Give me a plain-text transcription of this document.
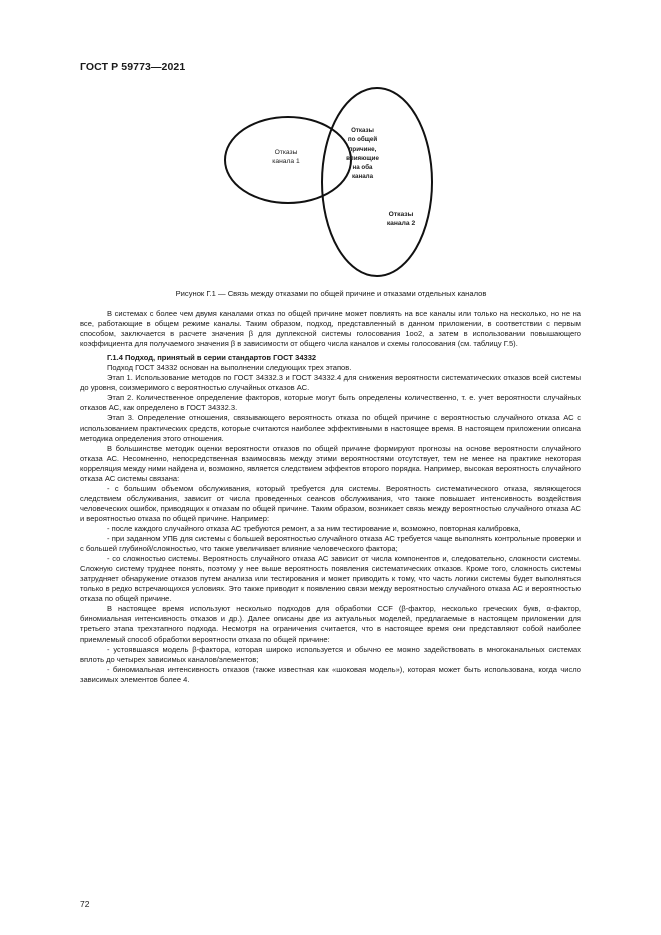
ГОСТ Р 59773—2021
Отказы
канала 1
Отказы
по общей
причине,
влияющие
на оба
канала
Отказы
канала 2
Рисунок Г.1 — Связь между отказами по общей причине и отказами отдельных каналов

В системах с более чем двумя каналами отказ по общей причине может повлиять на все каналы или только на несколько, но не на все, работающие в общем режиме каналы. Таким образом, подход, представленный в данном приложении, в соответствии с первым способом, заключается в расчете значения β для дуплексной системы голосования 1oo2, а затем в использовании повышающего коэффициента для получаемого значения β в зависимости от общего числа каналов и схемы голосования (см. таблицу Г.5).

Г.1.4 Подход, принятый в серии стандартов ГОСТ 34332

Подход ГОСТ 34332 основан на выполнении следующих трех этапов.

Этап 1. Использование методов по ГОСТ 34332.3 и ГОСТ 34332.4 для снижения вероятности систематических отказов всей системы до уровня, соизмеримого с вероятностью случайных отказов АС.

Этап 2. Количественное определение факторов, которые могут быть определены количественно, т. е. учет вероятности случайных отказов АС, как определено в ГОСТ 34332.3.

Этап 3. Определение отношения, связывающего вероятность отказа по общей причине с вероятностью случайного отказа АС с использованием практических средств, которые считаются наиболее эффективными в настоящее время. В настоящем приложении описана методика определения этого отношения.

В большинстве методик оценки вероятности отказов по общей причине формируют прогнозы на основе вероятности случайного отказа АС. Несомненно, непосредственная взаимосвязь между этими вероятностями отсутствует, тем не менее на практике некоторая корреляция между ними найдена и, возможно, является следствием эффектов второго порядка. Например, высокая вероятность случайного отказа АС системы связана:

- с большим объемом обслуживания, который требуется для системы. Вероятность систематического отказа, являющегося следствием обслуживания, зависит от числа проведенных сеансов обслуживания, что также повышает интенсивность воздействия человеческих ошибок, приводящих к отказам по общей причине. Таким образом, возникает связь между вероятностью случайного отказа АС и вероятностью отказа по общей причине. Например:

- после каждого случайного отказа АС требуются ремонт, а за ним тестирование и, возможно, повторная калибровка,

- при заданном УПБ для системы с большей вероятностью случайного отказа АС требуется чаще выполнять контрольные проверки и с большей глубиной/сложностью, что также увеличивает влияние человеческого фактора;

- со сложностью системы. Вероятность случайного отказа АС зависит от числа компонентов и, следовательно, сложности системы. Сложную систему труднее понять, поэтому у нее выше вероятность появления систематических отказов. Кроме того, сложность системы затрудняет обнаружение отказов путем анализа или тестирования и может приводить к тому, что часть логики системы будет выполняться только в редко встречающихся условиях. Это также приводит к появлению связи между вероятностью случайного отказа АС и вероятностью отказа по общей причине.

В настоящее время используют несколько подходов для обработки CCF (β-фактор, несколько греческих букв, α-фактор, биномиальная интенсивность отказов и др.). Далее описаны две из актуальных моделей, предлагаемые в настоящем приложении для третьего этапа трехэтапного подхода. Несмотря на ограничения считается, что в настоящее время они представляют собой наиболее приемлемый способ обработки вероятности отказа по общей причине:

- устоявшаяся модель β-фактора, которая широко используется и обычно ее можно задействовать в многоканальных системах вплоть до четырех зависимых каналов/элементов;

- биномиальная интенсивность отказов (также известная как «шоковая модель»), которая может быть использована, когда число зависимых элементов более 4.

72
